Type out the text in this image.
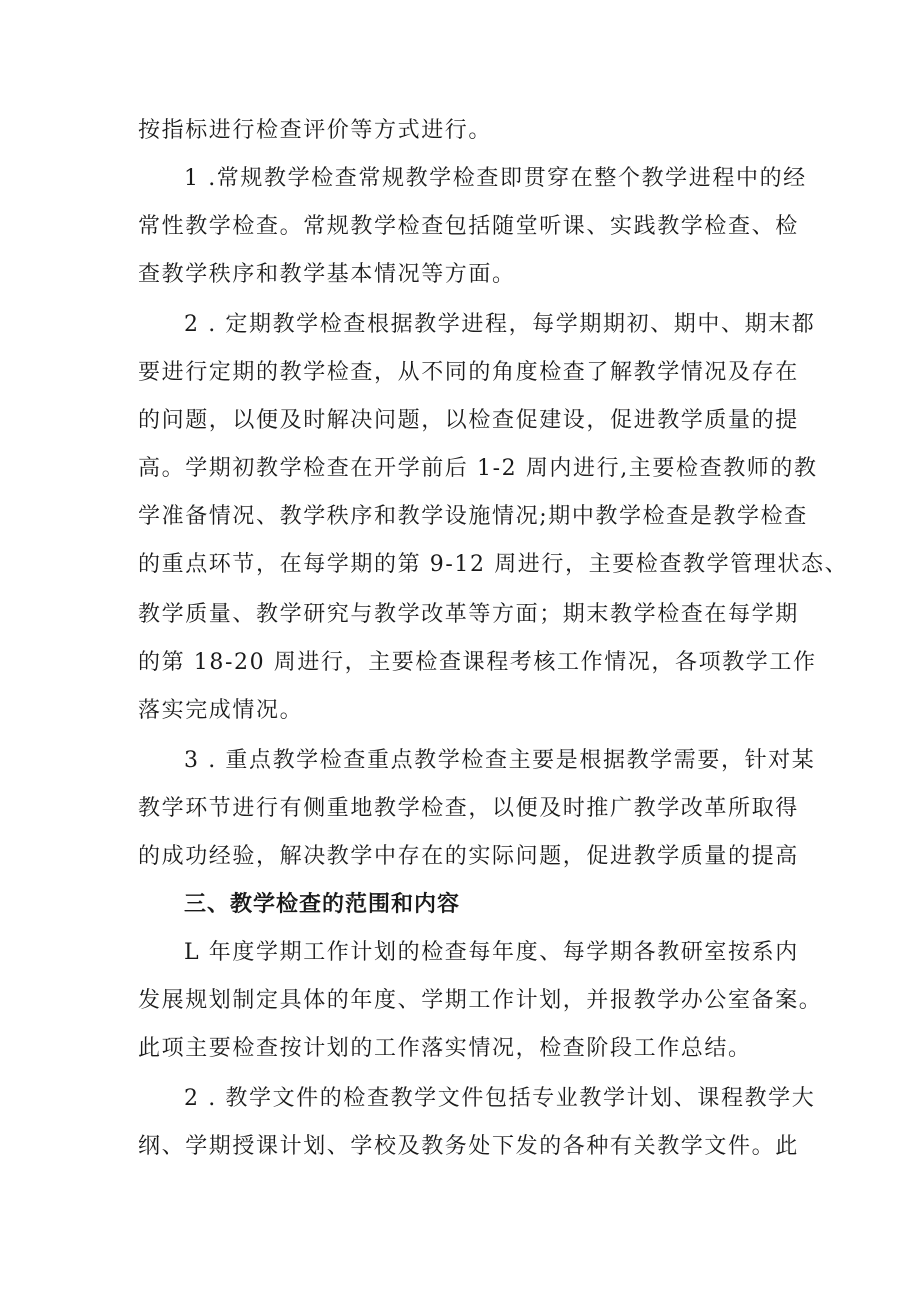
按指标进行检查评价等方式进行。
1 .常规教学检查常规教学检查即贯穿在整个教学进程中的经
常性教学检查。常规教学检查包括随堂听课、实践教学检查、检
查教学秩序和教学基本情况等方面。
2 . 定期教学检查根据教学进程，每学期期初、期中、期末都
要进行定期的教学检查，从不同的角度检查了解教学情况及存在
的问题，以便及时解决问题，以检查促建设，促进教学质量的提
高。学期初教学检查在开学前后 1-2 周内进行,主要检查教师的教
学准备情况、教学秩序和教学设施情况;期中教学检查是教学检查
的重点环节，在每学期的第 9-12 周进行，主要检查教学管理状态、
教学质量、教学研究与教学改革等方面；期末教学检查在每学期
的第 18-20 周进行，主要检查课程考核工作情况，各项教学工作
落实完成情况。
3 . 重点教学检查重点教学检查主要是根据教学需要，针对某
教学环节进行有侧重地教学检查，以便及时推广教学改革所取得
的成功经验，解决教学中存在的实际问题，促进教学质量的提高
三、教学检查的范围和内容
L 年度学期工作计划的检查每年度、每学期各教研室按系内
发展规划制定具体的年度、学期工作计划，并报教学办公室备案。
此项主要检查按计划的工作落实情况，检查阶段工作总结。
2 . 教学文件的检查教学文件包括专业教学计划、课程教学大
纲、学期授课计划、学校及教务处下发的各种有关教学文件。此
